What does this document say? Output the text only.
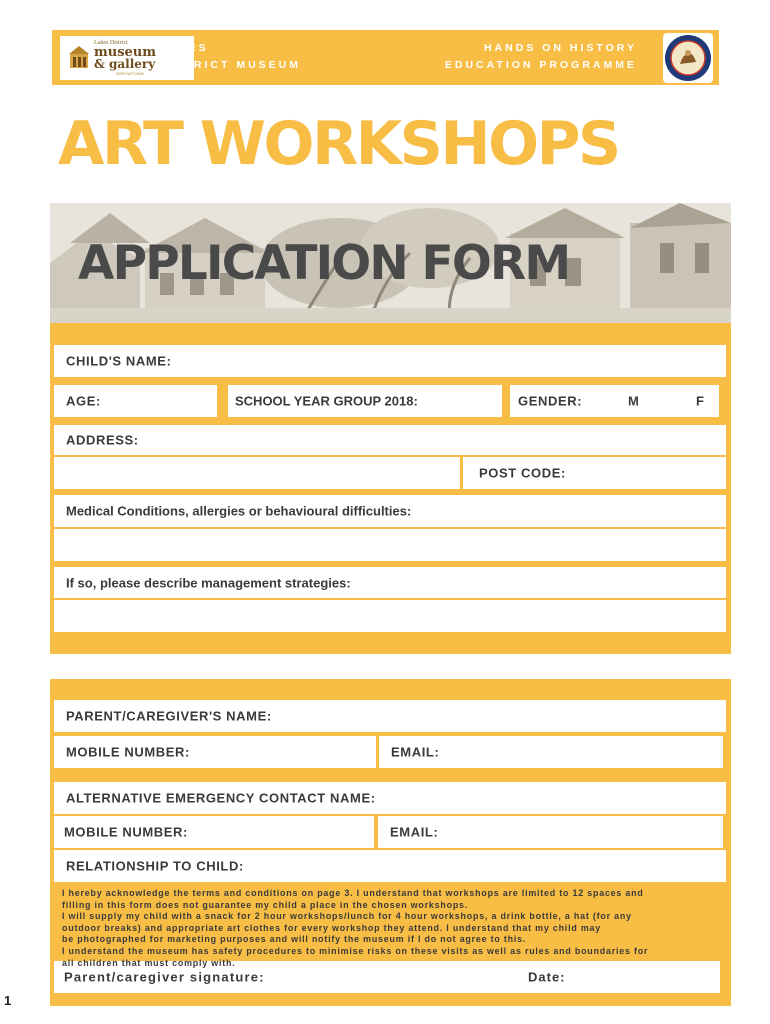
Lakes District
museum
& gallery
ARROWTOWN
LAKES
DISTRICT MUSEUM
HANDS ON HISTORY
EDUCATION PROGRAMME
ART WORKSHOPS
APPLICATION FORM
CHILD'S NAME:
AGE:	SCHOOL YEAR GROUP 2018:	GENDER:	M	F
ADDRESS:
POST CODE:
Medical Conditions, allergies or behavioural difficulties:
If so, please describe management strategies:
PARENT/CAREGIVER'S NAME:
MOBILE NUMBER:	EMAIL:
ALTERNATIVE EMERGENCY CONTACT NAME:
MOBILE NUMBER:	EMAIL:
RELATIONSHIP TO CHILD:
Parent/caregiver signature:	Date:
I hereby acknowledge the terms and conditions on page 3. I understand that workshops are limited to 12 spaces and
filling in this form does not guarantee my child a place in the chosen workshops.
I will supply my child with a snack for 2 hour workshops/lunch for 4 hour workshops, a drink bottle, a hat (for any
outdoor breaks) and appropriate art clothes for every workshop they attend. I understand that my child may
be photographed for marketing purposes and will notify the museum if I do not agree to this.
I understand the museum has safety procedures to minimise risks on these visits as well as rules and boundaries for
all children that must comply with.
1
